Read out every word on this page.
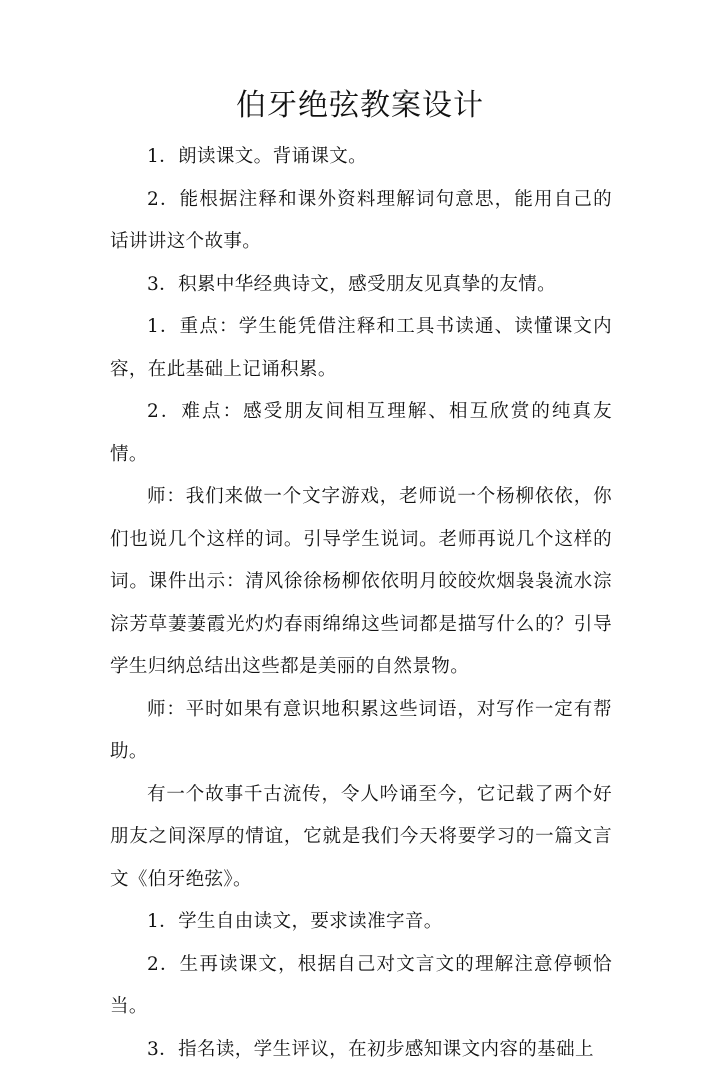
伯牙绝弦教案设计

1．朗读课文。背诵课文。

2．能根据注释和课外资料理解词句意思，能用自己的话讲讲这个故事。

3．积累中华经典诗文，感受朋友见真挚的友情。

1．重点：学生能凭借注释和工具书读通、读懂课文内容，在此基础上记诵积累。

2．难点：感受朋友间相互理解、相互欣赏的纯真友情。

师：我们来做一个文字游戏，老师说一个杨柳依依，你们也说几个这样的词。引导学生说词。老师再说几个这样的词。课件出示：清风徐徐杨柳依依明月皎皎炊烟袅袅流水淙淙芳草萋萋霞光灼灼春雨绵绵这些词都是描写什么的？引导学生归纳总结出这些都是美丽的自然景物。

师：平时如果有意识地积累这些词语，对写作一定有帮助。

有一个故事千古流传，令人吟诵至今，它记载了两个好朋友之间深厚的情谊，它就是我们今天将要学习的一篇文言文《伯牙绝弦》。

1．学生自由读文，要求读准字音。

2．生再读课文，根据自己对文言文的理解注意停顿恰当。

3．指名读，学生评议，在初步感知课文内容的基础上
